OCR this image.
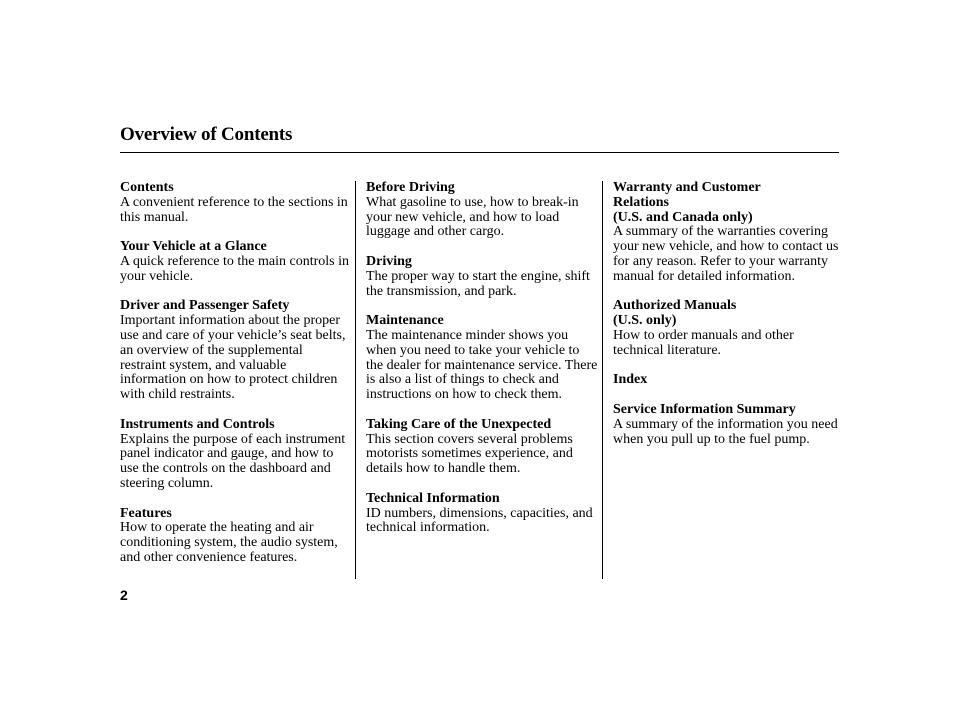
Overview of Contents
Contents
A convenient reference to the sections in this manual.
Your Vehicle at a Glance
A quick reference to the main controls in your vehicle.
Driver and Passenger Safety
Important information about the proper use and care of your vehicle’s seat belts, an overview of the supplemental restraint system, and valuable information on how to protect children with child restraints.
Instruments and Controls
Explains the purpose of each instrument panel indicator and gauge, and how to use the controls on the dashboard and steering column.
Features
How to operate the heating and air conditioning system, the audio system, and other convenience features.
Before Driving
What gasoline to use, how to break-in your new vehicle, and how to load luggage and other cargo.
Driving
The proper way to start the engine, shift the transmission, and park.
Maintenance
The maintenance minder shows you when you need to take your vehicle to the dealer for maintenance service. There is also a list of things to check and instructions on how to check them.
Taking Care of the Unexpected
This section covers several problems motorists sometimes experience, and details how to handle them.
Technical Information
ID numbers, dimensions, capacities, and technical information.
Warranty and Customer
Relations
(U.S. and Canada only)
A summary of the warranties covering your new vehicle, and how to contact us for any reason. Refer to your warranty manual for detailed information.
Authorized Manuals
(U.S. only)
How to order manuals and other technical literature.
Index
Service Information Summary
A summary of the information you need when you pull up to the fuel pump.
2
